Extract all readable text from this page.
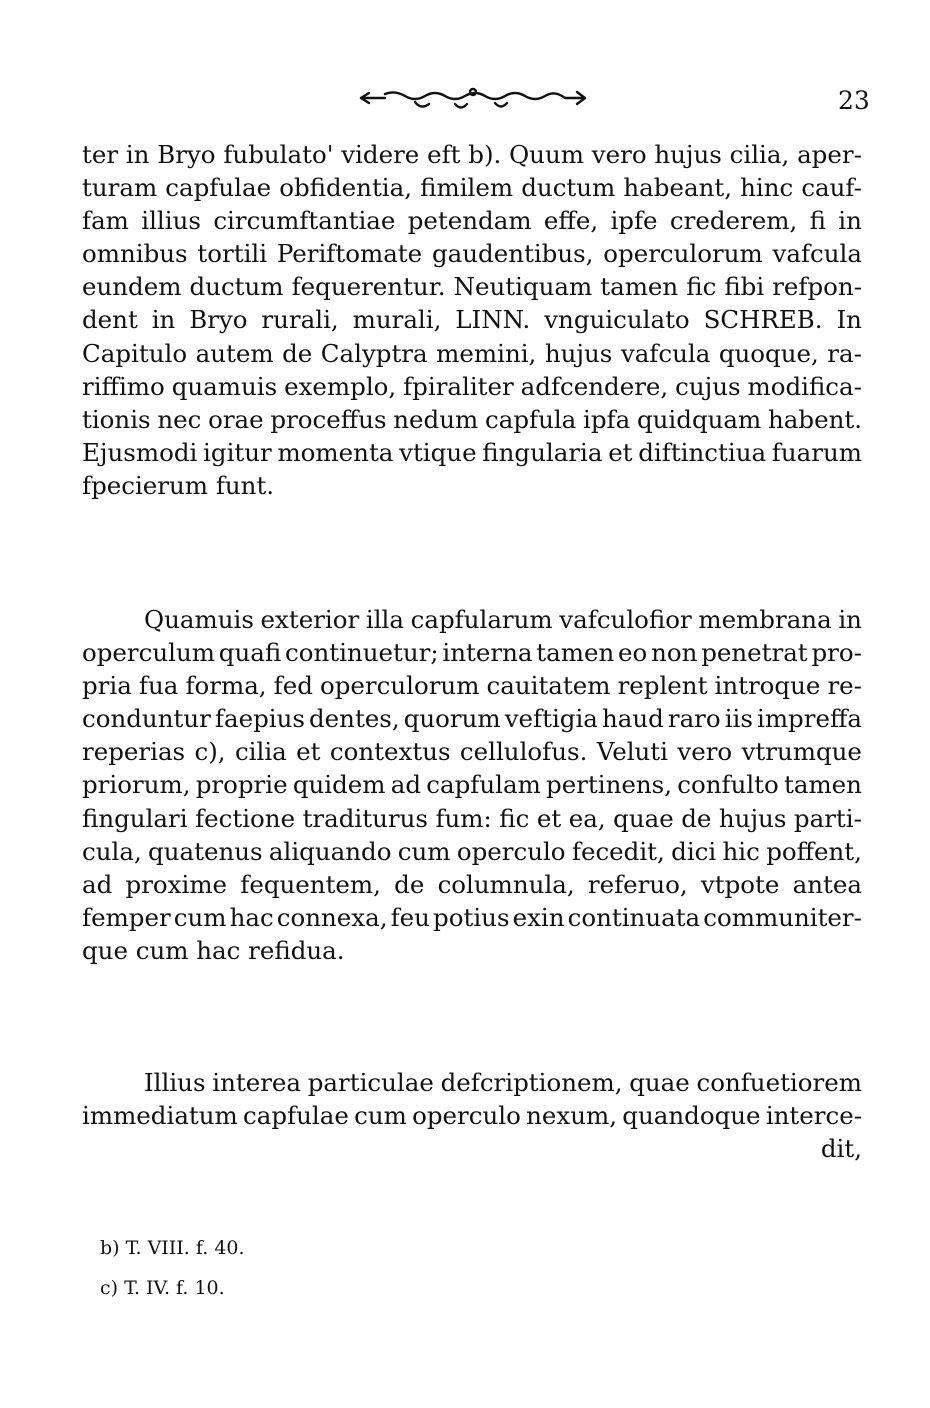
23
ter in Bryo fubulato' videre eft b). Quum vero hujus cilia, aper-
turam capfulae obfidentia, fimilem ductum habeant, hinc cauf-
fam illius circumftantiae petendam effe, ipfe crederem, fi in
omnibus tortili Periftomate gaudentibus, operculorum vafcula
eundem ductum fequerentur. Neutiquam tamen fic fibi refpon-
dent in Bryo rurali, murali, LINN. vnguiculato SCHREB. In
Capitulo autem de Calyptra memini, hujus vafcula quoque, ra-
riffimo quamuis exemplo, fpiraliter adfcendere, cujus modifica-
tionis nec orae proceffus nedum capfula ipfa quidquam habent.
Ejusmodi igitur momenta vtique fingularia et diftinctiua fuarum
fpecierum funt.
Quamuis exterior illa capfularum vafculofior membrana in
operculum quafi continuetur; interna tamen eo non penetrat pro-
pria fua forma, fed operculorum cauitatem replent introque re-
conduntur faepius dentes, quorum veftigia haud raro iis impreffa
reperias c), cilia et contextus cellulofus. Veluti vero vtrumque
priorum, proprie quidem ad capfulam pertinens, confulto tamen
fingulari fectione traditurus fum: fic et ea, quae de hujus parti-
cula, quatenus aliquando cum operculo fecedit, dici hic poffent,
ad proxime fequentem, de columnula, referuo, vtpote antea
femper cum hac connexa, feu potius exin continuata communiter-
que cum hac refidua.
Illius interea particulae defcriptionem, quae confuetiorem
immediatum capfulae cum operculo nexum, quandoque interce-
dit,
b) T. VIII. f. 40.
c) T. IV. f. 10.
